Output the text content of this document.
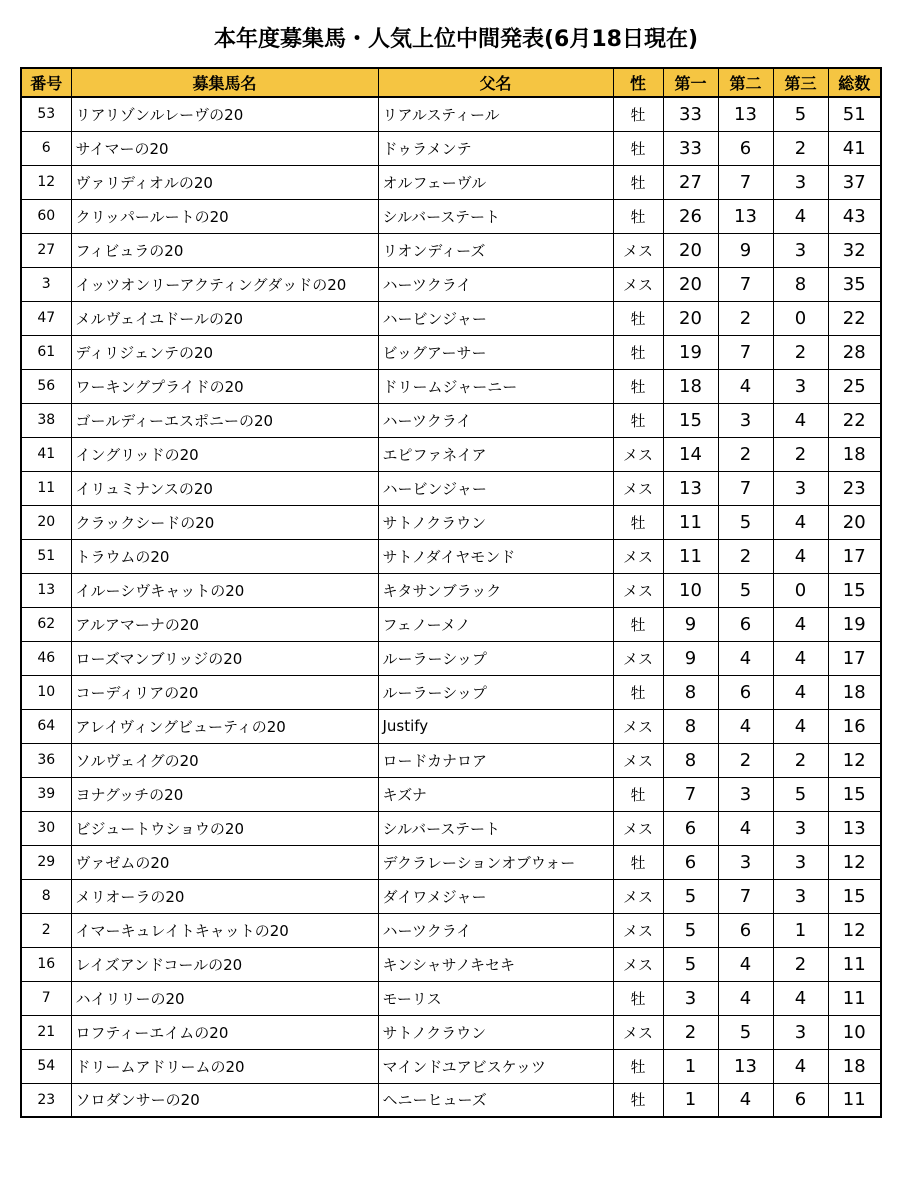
本年度募集馬・人気上位中間発表(6月18日現在)
番号	募集馬名	父名	性	第一	第二	第三	総数
53	リアリゾンルレーヴの20	リアルスティール	牡	33	13	5	51
6	サイマーの20	ドゥラメンテ	牡	33	6	2	41
12	ヴァリディオルの20	オルフェーヴル	牡	27	7	3	37
60	クリッパールートの20	シルバーステート	牡	26	13	4	43
27	フィビュラの20	リオンディーズ	メス	20	9	3	32
3	イッツオンリーアクティングダッドの20	ハーツクライ	メス	20	7	8	35
47	メルヴェイユドールの20	ハービンジャー	牡	20	2	0	22
61	ディリジェンテの20	ビッグアーサー	牡	19	7	2	28
56	ワーキングプライドの20	ドリームジャーニー	牡	18	4	3	25
38	ゴールディーエスポニーの20	ハーツクライ	牡	15	3	4	22
41	イングリッドの20	エピファネイア	メス	14	2	2	18
11	イリュミナンスの20	ハービンジャー	メス	13	7	3	23
20	クラックシードの20	サトノクラウン	牡	11	5	4	20
51	トラウムの20	サトノダイヤモンド	メス	11	2	4	17
13	イルーシヴキャットの20	キタサンブラック	メス	10	5	0	15
62	アルアマーナの20	フェノーメノ	牡	9	6	4	19
46	ローズマンブリッジの20	ルーラーシップ	メス	9	4	4	17
10	コーディリアの20	ルーラーシップ	牡	8	6	4	18
64	アレイヴィングビューティの20	Justify	メス	8	4	4	16
36	ソルヴェイグの20	ロードカナロア	メス	8	2	2	12
39	ヨナグッチの20	キズナ	牡	7	3	5	15
30	ビジュートウショウの20	シルバーステート	メス	6	4	3	13
29	ヴァゼムの20	デクラレーションオブウォー	牡	6	3	3	12
8	メリオーラの20	ダイワメジャー	メス	5	7	3	15
2	イマーキュレイトキャットの20	ハーツクライ	メス	5	6	1	12
16	レイズアンドコールの20	キンシャサノキセキ	メス	5	4	2	11
7	ハイリリーの20	モーリス	牡	3	4	4	11
21	ロフティーエイムの20	サトノクラウン	メス	2	5	3	10
54	ドリームアドリームの20	マインドユアビスケッツ	牡	1	13	4	18
23	ソロダンサーの20	ヘニーヒューズ	牡	1	4	6	11
